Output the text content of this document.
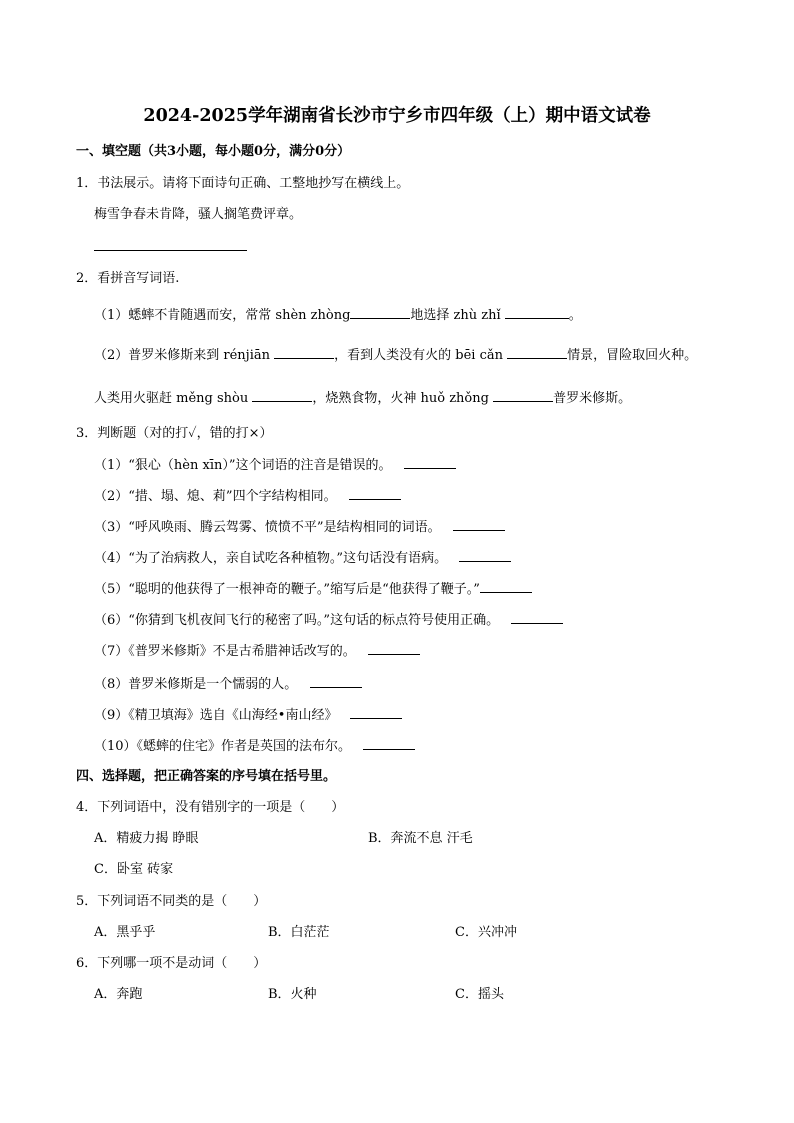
2024-2025学年湖南省长沙市宁乡市四年级（上）期中语文试卷
一、填空题（共3小题，每小题0分，满分0分）
1．书法展示。请将下面诗句正确、工整地抄写在横线上。
梅雪争春未肯降，骚人搁笔费评章。
2．看拼音写词语.
（1）蟋蟀不肯随遇而安，常常 shèn zhòng	地选择 zhù zhǐ	。
（2）普罗米修斯来到 rénjiān	，看到人类没有火的 bēi cǎn	情景，冒险取回火种。
人类用火驱赶 měng shòu	，烧熟食物，火神 huǒ zhǒng	普罗米修斯。
3．判断题（对的打✓，错的打×）
（1）“狠心（hèn xīn）”这个词语的注音是错误的。
（2）“措、塌、熄、莉”四个字结构相同。
（3）“呼风唤雨、腾云驾雾、愤愤不平”是结构相同的词语。
（4）“为了治病救人，亲自试吃各种植物。”这句话没有语病。
（5）“聪明的他获得了一根神奇的鞭子。”缩写后是“他获得了鞭子。”
（6）“你猜到飞机夜间飞行的秘密了吗。”这句话的标点符号使用正确。
（7）《普罗米修斯》不是古希腊神话改写的。
（8）普罗米修斯是一个懦弱的人。
（9）《精卫填海》选自《山海经•南山经》
（10）《蟋蟀的住宅》作者是英国的法布尔。
四、选择题，把正确答案的序号填在括号里。
4．下列词语中，没有错别字的一项是（　　）
A．精疲力揭 睁眼	B．奔流不息 汗毛
C．卧室 砖家
5．下列词语不同类的是（　　）
A．黑乎乎	B．白茫茫	C．兴冲冲
6．下列哪一项不是动词（　　）
A．奔跑	B．火种	C．摇头
